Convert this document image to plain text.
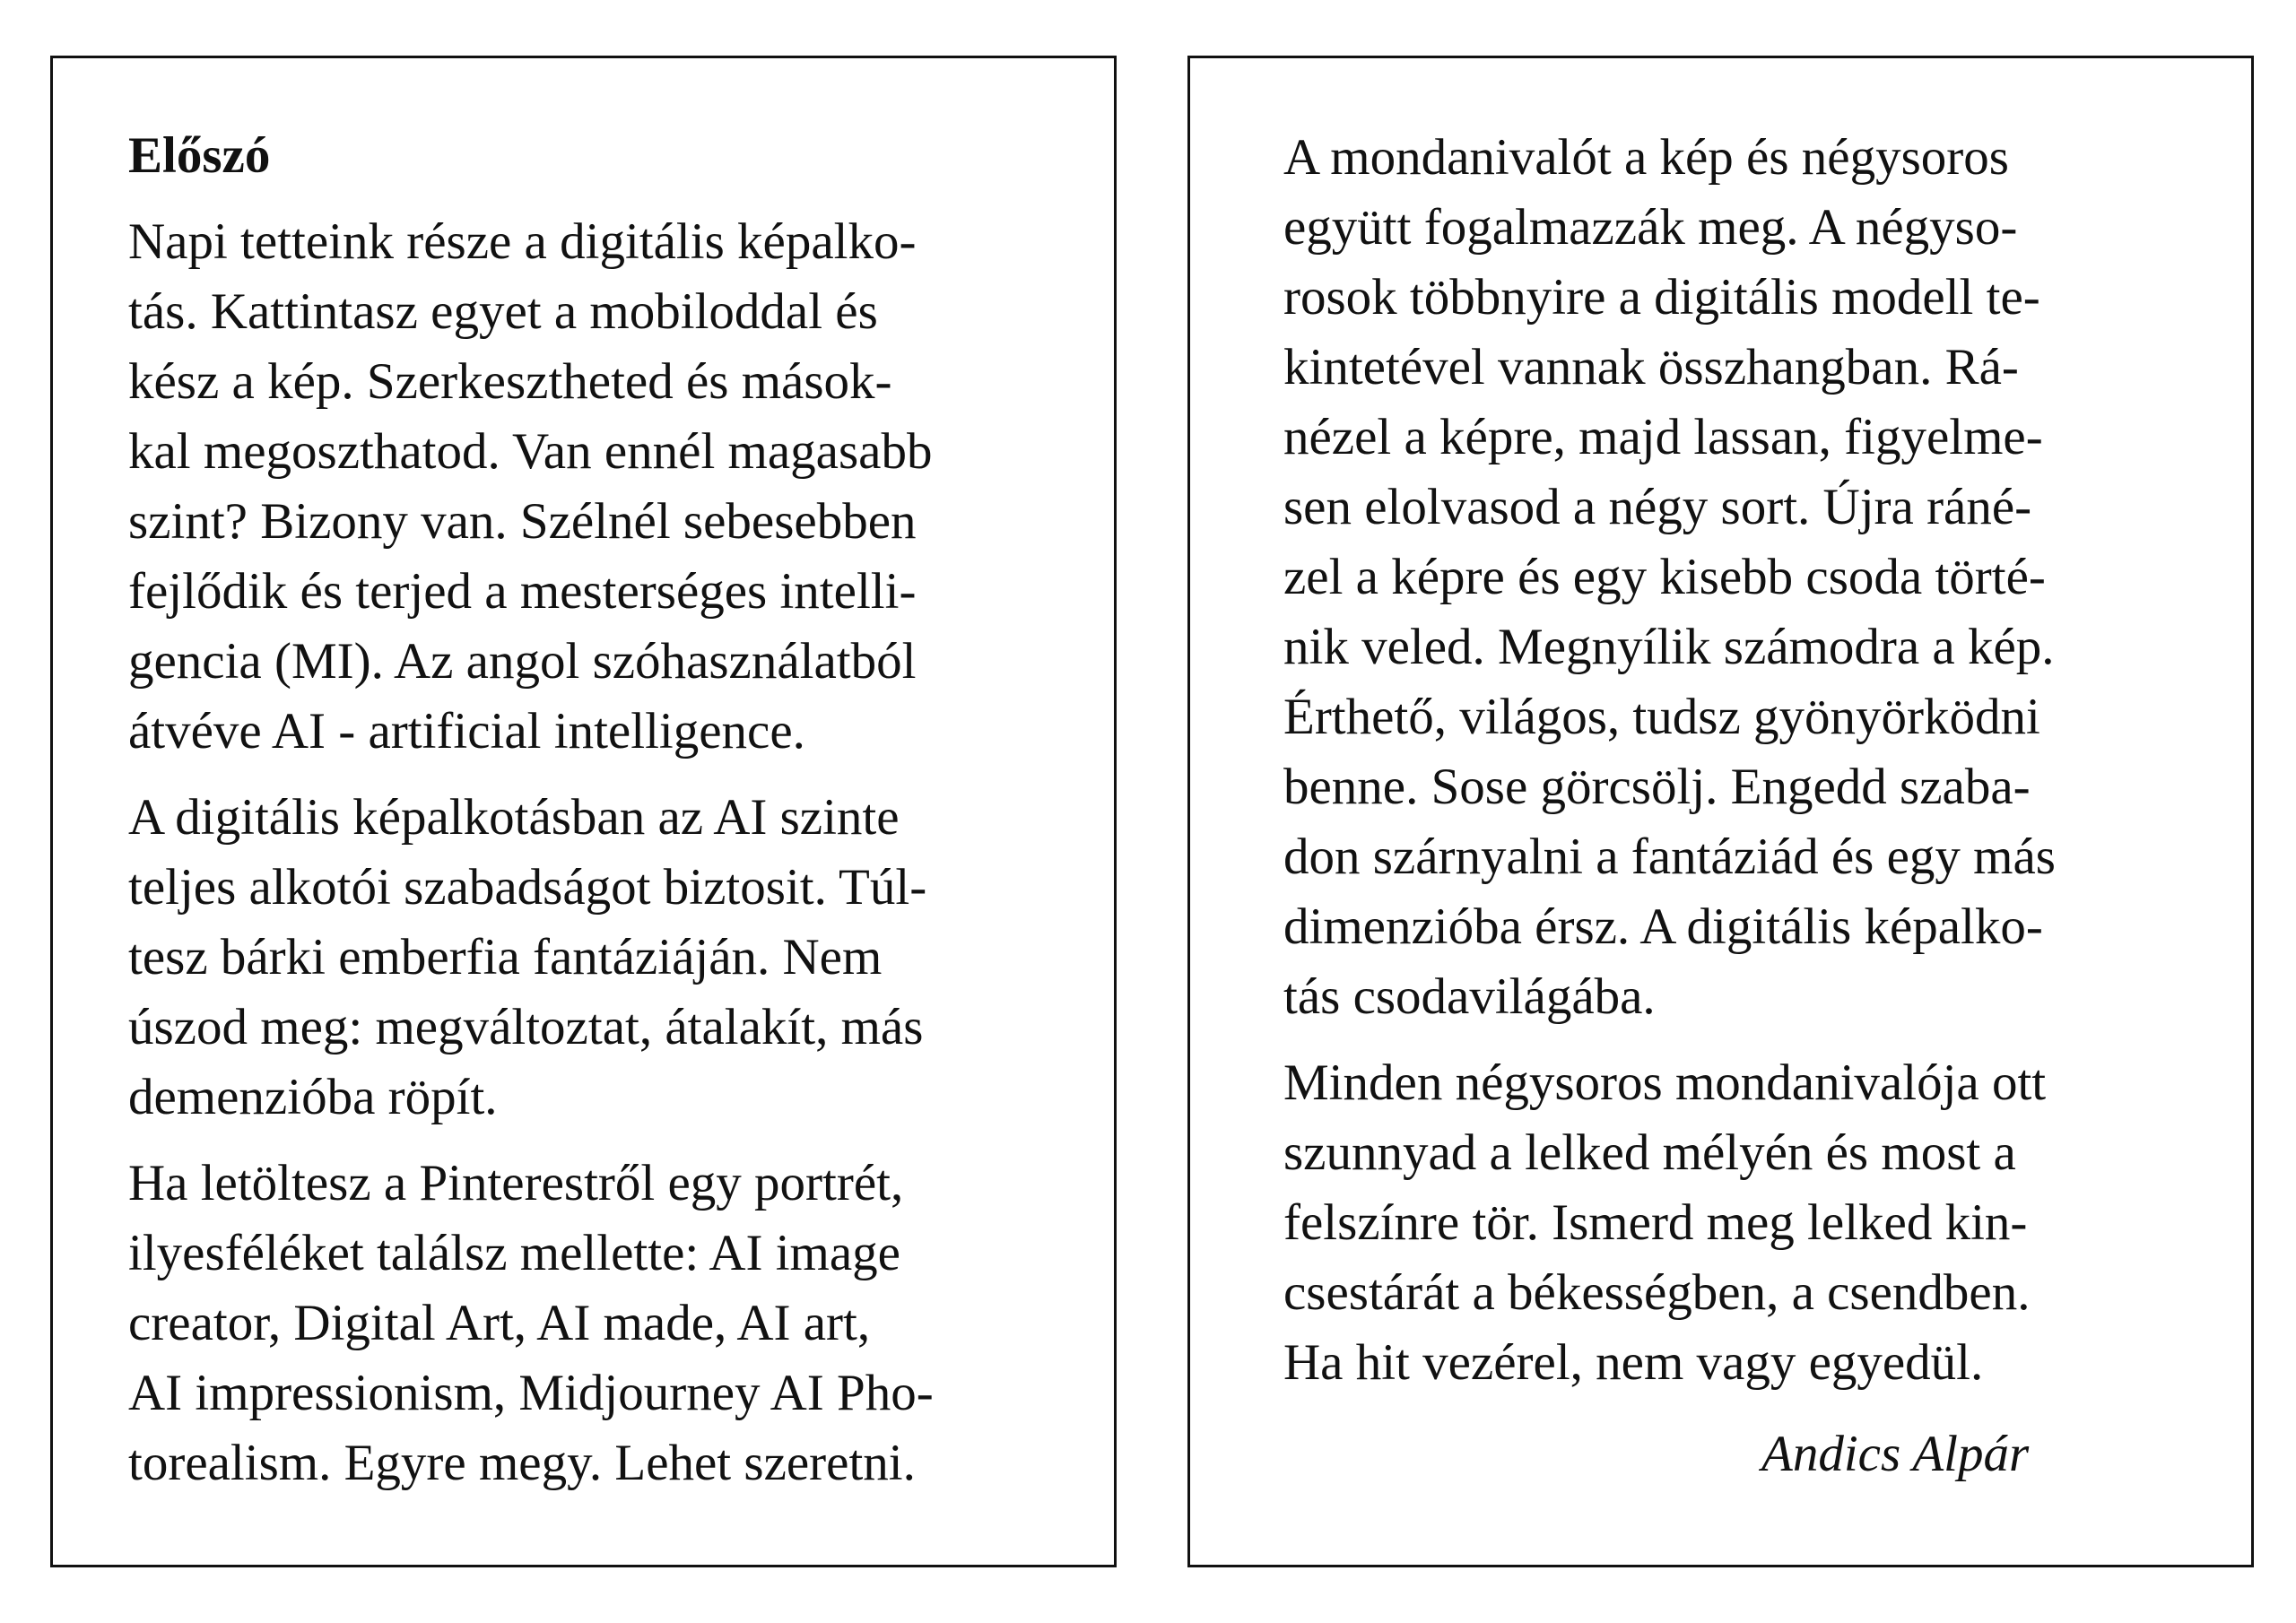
Előszó
Napi tetteink része a digitális képalko-
tás. Kattintasz egyet a mobiloddal és
kész a kép. Szerkesztheted és mások-
kal megoszthatod. Van ennél magasabb
szint? Bizony van. Szélnél sebesebben
fejlődik és terjed a mesterséges intelli-
gencia (MI). Az angol szóhasználatból
átvéve AI - artificial intelligence.
A digitális képalkotásban az AI szinte
teljes alkotói szabadságot biztosit. Túl-
tesz bárki emberfia fantáziáján. Nem
úszod meg: megváltoztat, átalakít, más
demenzióba röpít.
Ha letöltesz a Pinterestről egy portrét,
ilyesféléket találsz mellette: AI image
creator, Digital Art, AI made, AI art,
AI impressionism, Midjourney AI Pho-
torealism. Egyre megy. Lehet szeretni.
A mondanivalót a kép és négysoros
együtt fogalmazzák meg. A négyso-
rosok többnyire a digitális modell te-
kintetével vannak összhangban. Rá-
nézel a képre, majd lassan, figyelme-
sen elolvasod a négy sort. Újra ráné-
zel a képre és egy kisebb csoda törté-
nik veled. Megnyílik számodra a kép.
Érthető, világos, tudsz gyönyörködni
benne. Sose görcsölj. Engedd szaba-
don szárnyalni a fantáziád és egy más
dimenzióba érsz. A digitális képalko-
tás csodavilágába.
Minden négysoros mondanivalója ott
szunnyad a lelked mélyén és most a
felszínre tör. Ismerd meg lelked kin-
csestárát a békességben, a csendben.
Ha hit vezérel, nem vagy egyedül.
Andics Alpár
